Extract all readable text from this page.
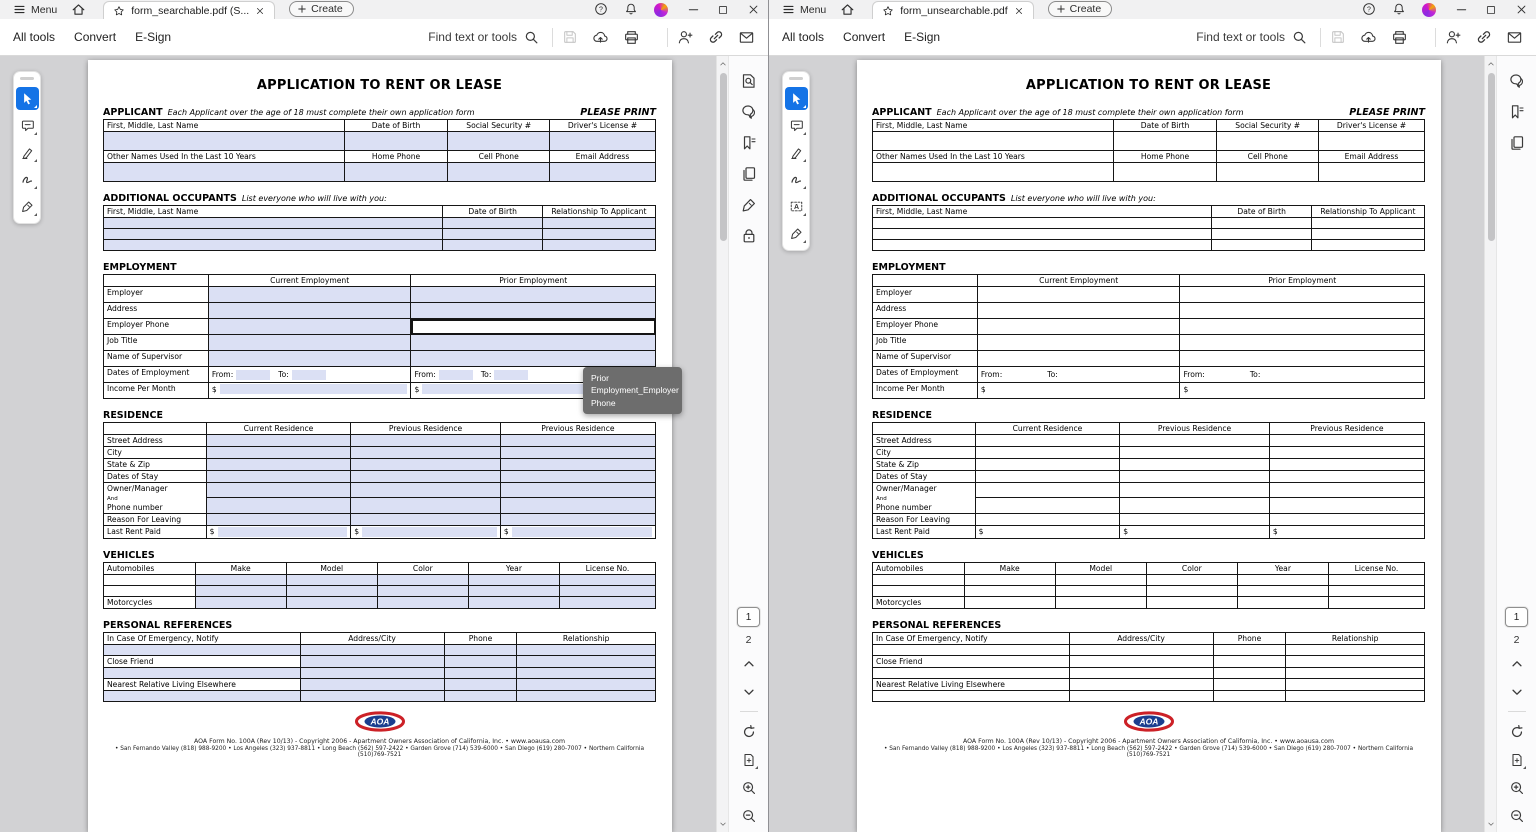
Menu	form_searchable.pdf (S...	Create	?
All tools Convert E-Sign	Find text or tools
APPLICATION TO RENT OR LEASE
APPLICANT Each Applicant over the age of 18 must complete their own application form	PLEASE PRINT
First, Middle, Last Name	Date of Birth	Social Security #	Driver's License #

Other Names Used In the Last 10 Years	Home Phone	Cell Phone	Email Address

ADDITIONAL OCCUPANTS List everyone who will live with you:
First, Middle, Last Name	Date of Birth	Relationship To Applicant

EMPLOYMENT
	Current Employment	Prior Employment
Employer		
Address		
Employer Phone		
Job Title		
Name of Supervisor		
Dates of Employment	From: To:	From: To:
Income Per Month	$	$
RESIDENCE
	Current Residence	Previous Residence	Previous Residence
Street Address			
City			
State & Zip			
Dates of Stay			
Owner/Manager
And
Phone number			

Reason For Leaving			
Last Rent Paid	$	$	$
VEHICLES
Automobiles	Make	Model	Color	Year	License No.

Motorcycles					
PERSONAL REFERENCES
In Case Of Emergency, Notify	Address/City	Phone	Relationship

Close Friend			

Nearest Relative Living Elsewhere			

AOA
AOA Form No. 100A (Rev 10/13) - Copyright 2006 - Apartment Owners Association of California, Inc. • www.aoausa.com
• San Fernando Valley (818) 988-9200 • Los Angeles (323) 937-8811 • Long Beach (562) 597-2422 • Garden Grove (714) 539-6000 • San Diego (619) 280-7007 • Northern California (510)769-7521
1
2
Prior Employment_Employer Phone
Menu	form_unsearchable.pdf	Create	?
All tools Convert E-Sign	Find text or tools
A
APPLICATION TO RENT OR LEASE
APPLICANT Each Applicant over the age of 18 must complete their own application form	PLEASE PRINT
First, Middle, Last Name	Date of Birth	Social Security #	Driver's License #

Other Names Used In the Last 10 Years	Home Phone	Cell Phone	Email Address

ADDITIONAL OCCUPANTS List everyone who will live with you:
First, Middle, Last Name	Date of Birth	Relationship To Applicant

EMPLOYMENT
	Current Employment	Prior Employment
Employer		
Address		
Employer Phone		
Job Title		
Name of Supervisor		
Dates of Employment	From: To:	From: To:
Income Per Month	$	$
RESIDENCE
	Current Residence	Previous Residence	Previous Residence
Street Address			
City			
State & Zip			
Dates of Stay			
Owner/Manager
And
Phone number			

Reason For Leaving			
Last Rent Paid	$	$	$
VEHICLES
Automobiles	Make	Model	Color	Year	License No.

Motorcycles					
PERSONAL REFERENCES
In Case Of Emergency, Notify	Address/City	Phone	Relationship

Close Friend			

Nearest Relative Living Elsewhere			

AOA
AOA Form No. 100A (Rev 10/13) - Copyright 2006 - Apartment Owners Association of California, Inc. • www.aoausa.com
• San Fernando Valley (818) 988-9200 • Los Angeles (323) 937-8811 • Long Beach (562) 597-2422 • Garden Grove (714) 539-6000 • San Diego (619) 280-7007 • Northern California (510)769-7521
1
2
